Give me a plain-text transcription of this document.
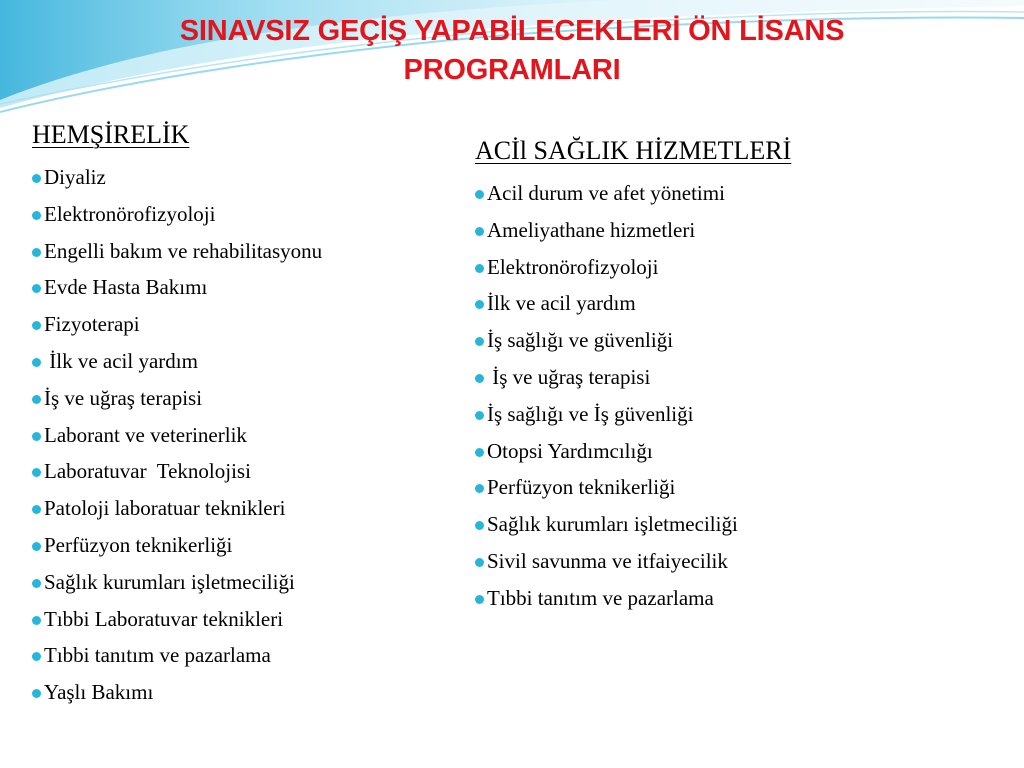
SINAVSIZ GEÇİŞ YAPABİLECEKLERİ ÖN LİSANS
PROGRAMLARI
HEMŞİRELİK
Diyaliz
Elektronörofizyoloji
Engelli bakım ve rehabilitasyonu
Evde Hasta Bakımı
Fizyoterapi
İlk ve acil yardım
İş ve uğraş terapisi
Laborant ve veterinerlik
Laboratuvar  Teknolojisi
Patoloji laboratuar teknikleri
Perfüzyon teknikerliği
Sağlık kurumları işletmeciliği
Tıbbi Laboratuvar teknikleri
Tıbbi tanıtım ve pazarlama
Yaşlı Bakımı
ACİl SAĞLIK HİZMETLERİ
Acil durum ve afet yönetimi
Ameliyathane hizmetleri
Elektronörofizyoloji
İlk ve acil yardım
İş sağlığı ve güvenliği
İş ve uğraş terapisi
İş sağlığı ve İş güvenliği
Otopsi Yardımcılığı
Perfüzyon teknikerliği
Sağlık kurumları işletmeciliği
Sivil savunma ve itfaiyecilik
Tıbbi tanıtım ve pazarlama
